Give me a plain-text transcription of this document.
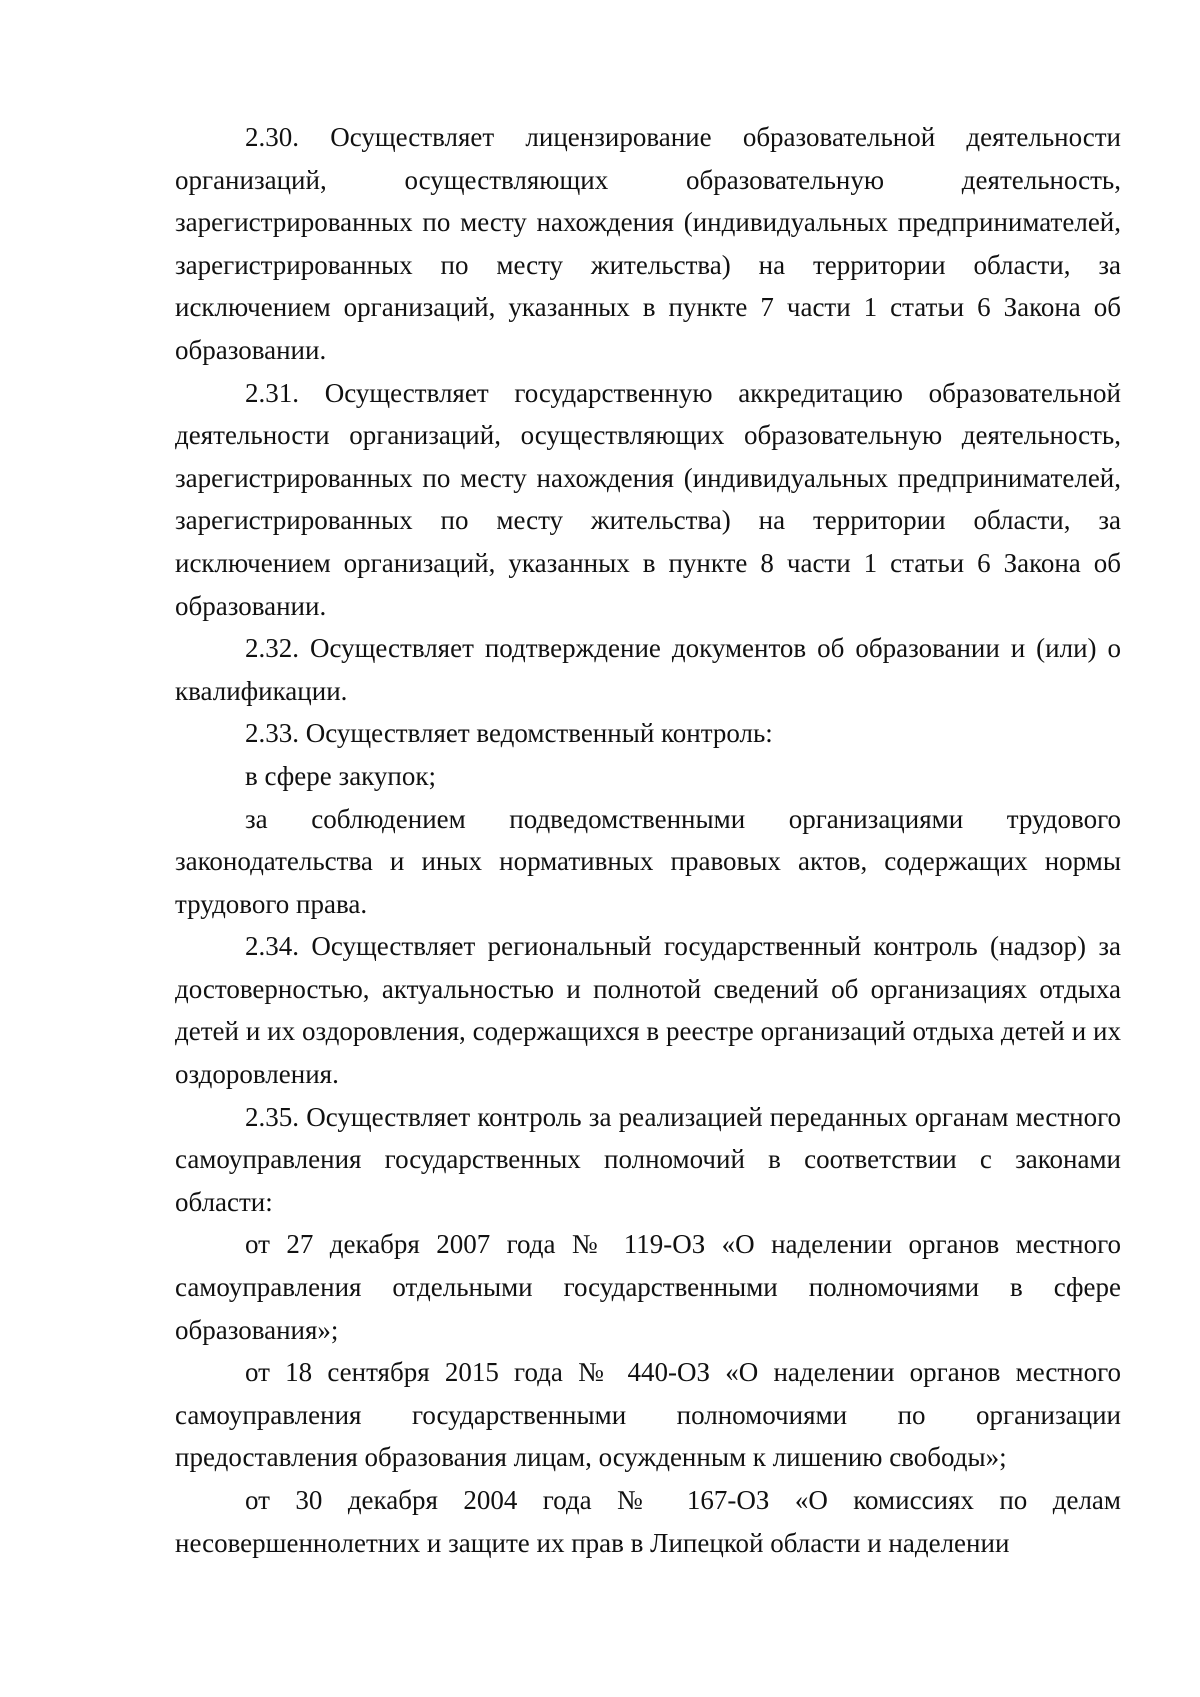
2.30. Осуществляет лицензирование образовательной деятельности организаций, осуществляющих образовательную деятельность, зарегистрированных по месту нахождения (индивидуальных предпринимателей, зарегистрированных по месту жительства) на территории области, за исключением организаций, указанных в пункте 7 части 1 статьи 6 Закона об образовании.

2.31. Осуществляет государственную аккредитацию образовательной деятельности организаций, осуществляющих образовательную деятельность, зарегистрированных по месту нахождения (индивидуальных предпринимателей, зарегистрированных по месту жительства) на территории области, за исключением организаций, указанных в пункте 8 части 1 статьи 6 Закона об образовании.

2.32. Осуществляет подтверждение документов об образовании и (или) о квалификации.

2.33. Осуществляет ведомственный контроль:

в сфере закупок;

за соблюдением подведомственными организациями трудового законодательства и иных нормативных правовых актов, содержащих нормы трудового права.

2.34. Осуществляет региональный государственный контроль (надзор) за достоверностью, актуальностью и полнотой сведений об организациях отдыха детей и их оздоровления, содержащихся в реестре организаций отдыха детей и их оздоровления.

2.35. Осуществляет контроль за реализацией переданных органам местного самоуправления государственных полномочий в соответствии с законами области:

от 27 декабря 2007 года № 119-ОЗ «О наделении органов местного самоуправления отдельными государственными полномочиями в сфере образования»;

от 18 сентября 2015 года № 440-ОЗ «О наделении органов местного самоуправления государственными полномочиями по организации предоставления образования лицам, осужденным к лишению свободы»;

от 30 декабря 2004 года № 167-ОЗ «О комиссиях по делам несовершеннолетних и защите их прав в Липецкой области и наделении
